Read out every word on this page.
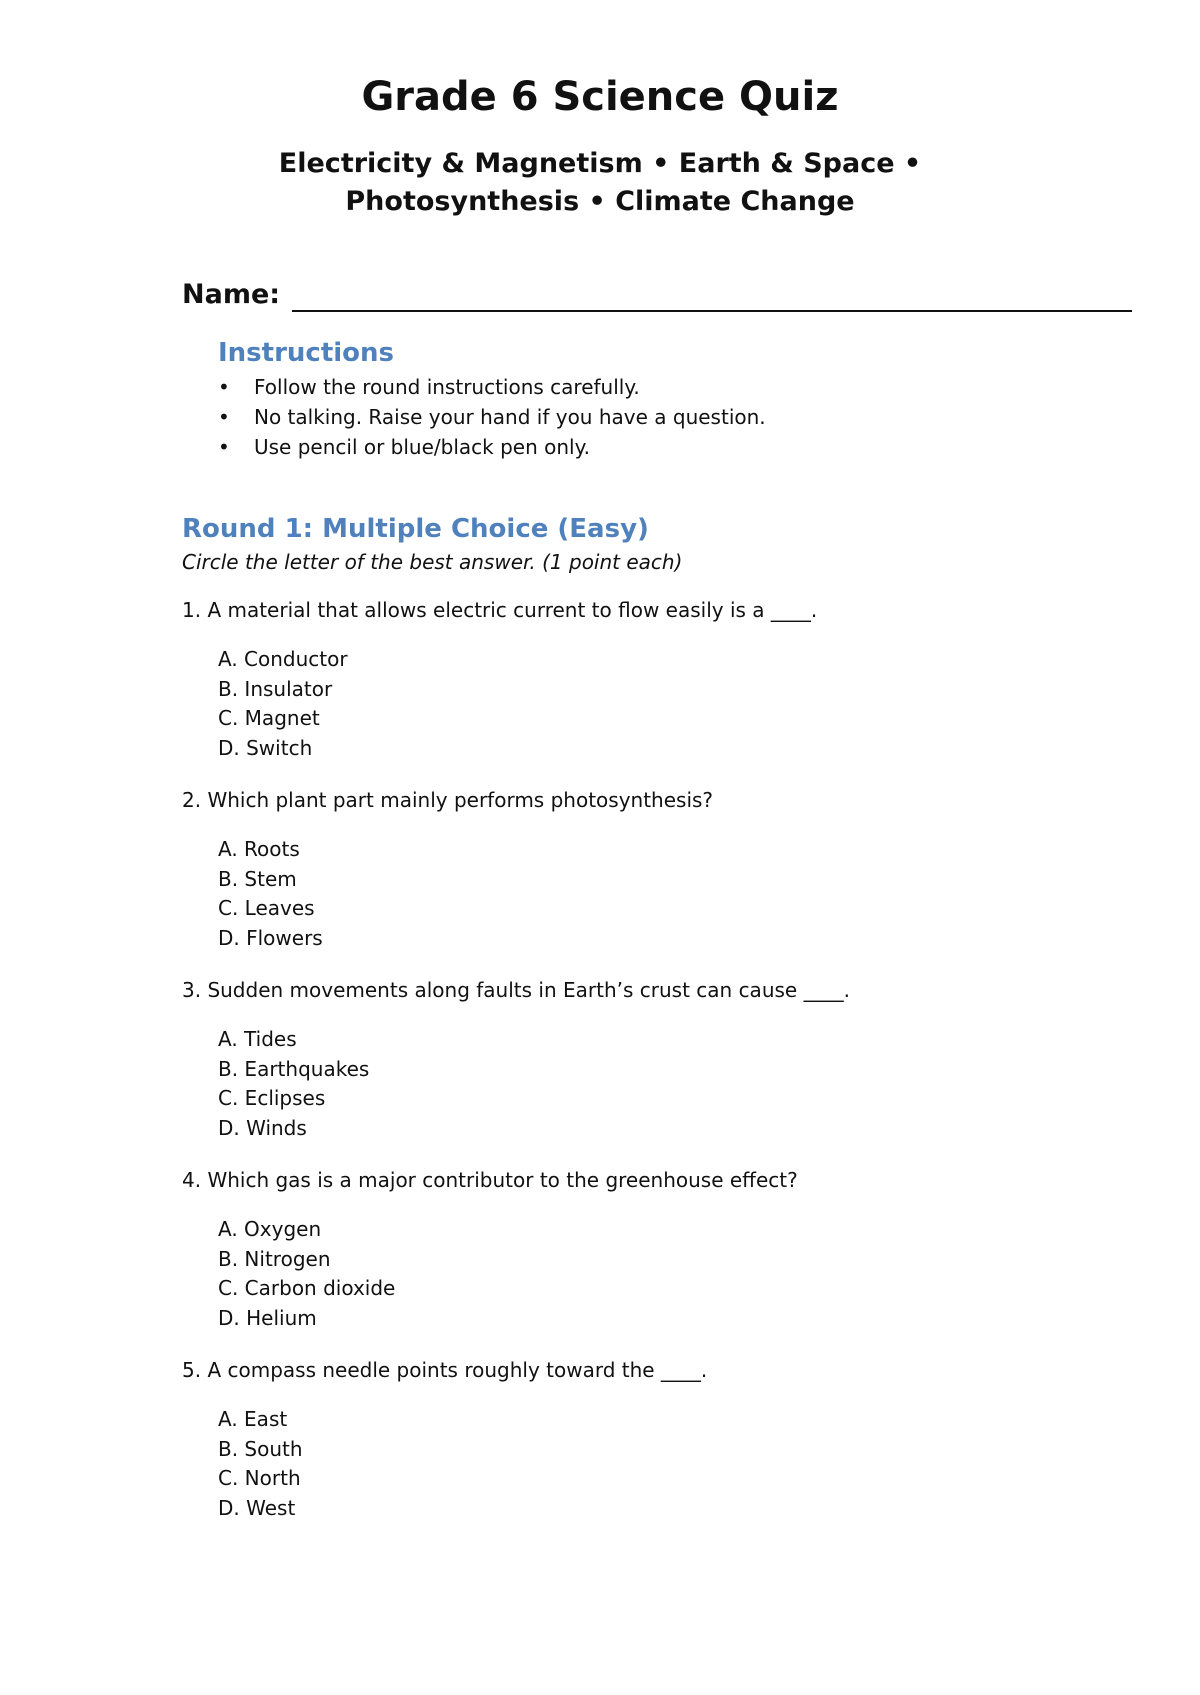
Grade 6 Science Quiz
Electricity & Magnetism • Earth & Space • Photosynthesis • Climate Change
Name:
Instructions
• Follow the round instructions carefully.
• No talking. Raise your hand if you have a question.
• Use pencil or blue/black pen only.
Round 1: Multiple Choice (Easy)
Circle the letter of the best answer. (1 point each)
1. A material that allows electric current to flow easily is a ____.
A. Conductor
B. Insulator
C. Magnet
D. Switch
2. Which plant part mainly performs photosynthesis?
A. Roots
B. Stem
C. Leaves
D. Flowers
3. Sudden movements along faults in Earth’s crust can cause ____.
A. Tides
B. Earthquakes
C. Eclipses
D. Winds
4. Which gas is a major contributor to the greenhouse effect?
A. Oxygen
B. Nitrogen
C. Carbon dioxide
D. Helium
5. A compass needle points roughly toward the ____.
A. East
B. South
C. North
D. West
